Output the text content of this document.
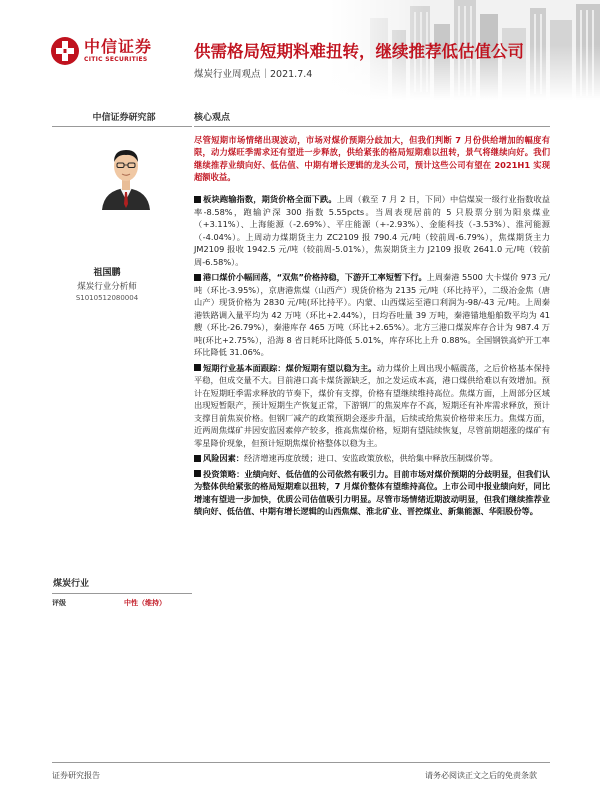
中信证券
CITIC SECURITIES	供需格局短期料难扭转，继续推荐低估值公司
煤炭行业周观点｜2021.7.4
中信证券研究部
祖国鹏
煤炭行业分析师
S1010512080004
煤炭行业
评级	中性（维持）
核心观点
尽管短期市场情绪出现波动，市场对煤价预期分歧加大，但我们判断 7 月份供给增加的幅度有限，动力煤旺季需求还有望进一步释放，供给紧张的格局短期难以扭转，景气将继续向好。我们继续推荐业绩向好、低估值、中期有增长逻辑的龙头公司，预计这些公司有望在 2021H1 实现超额收益。
板块跑输指数，期货价格全面下跌。上周（截至 7 月 2 日，下同）中信煤炭一级行业指数收益率-8.58%，跑输沪深 300 指数 5.55pcts。当周表现居前的 5 只股票分别为阳泉煤业（+3.11%）、上海能源（-2.69%）、平庄能源（+-2.93%）、金能科技（-3.53%）、淮河能源（-4.04%）。上周动力煤期货主力 ZC2109 报 790.4 元/吨（较前周-6.79%），焦煤期货主力 JM2109 报收 1942.5 元/吨（较前周-5.01%），焦炭期货主力 J2109 报收 2641.0 元/吨（较前周-6.58%）。
港口煤价小幅回落，“双焦”价格持稳，下游开工率短暂下行。上周秦港 5500 大卡煤价 973 元/吨（环比-3.95%），京唐港焦煤（山西产）现货价格为 2135 元/吨（环比持平），二级冶金焦（唐山产）现货价格为 2830 元/吨(环比持平）。内蒙、山西煤运至港口利润为-98/-43 元/吨。上周秦港铁路调入量平均为 42 万吨（环比+2.44%），日均吞吐量 39 万吨，秦港锚地船舶数平均为 41 艘（环比-26.79%），秦港库存 465 万吨（环比+2.65%）。北方三港口煤炭库存合计为 987.4 万吨(环比+2.75%），沿海 8 省日耗环比降低 5.01%，库存环比上升 0.88%。全国钢铁高炉开工率环比降低 31.06%。
短期行业基本面跟踪：煤价短期有望以稳为主。动力煤价上周出现小幅震荡，之后价格基本保持平稳，但成交量不大。目前港口高卡煤货源缺乏，加之发运成本高，港口煤供给难以有效增加。预计在短期旺季需求释放的节奏下，煤价有支撑，价格有望继续维持高位。焦煤方面，上周部分区域出现短暂限产，预计短期生产恢复正常，下游钢厂的焦炭库存不高，短期还有补库需求释放，预计支撑目前焦炭价格。但钢厂减产的政策预期会逐步升温，后续或给焦炭价格带来压力。焦煤方面，近两周焦煤矿井因安监因素停产较多，推高焦煤价格，短期有望陆续恢复，尽管前期超涨的煤矿有零星降价现象，但预计短期焦煤价格整体以稳为主。
风险因素：经济增速再度放缓；进口、安监政策放松，供给集中释放压制煤价等。
投资策略：业绩向好、低估值的公司依然有吸引力。目前市场对煤价预期的分歧明显，但我们认为整体供给紧张的格局短期难以扭转，7 月煤价整体有望维持高位。上市公司中报业绩向好，同比增速有望进一步加快，优质公司估值吸引力明显。尽管市场情绪近期波动明显，但我们继续推荐业绩向好、低估值、中期有增长逻辑的山西焦煤、淮北矿业、晋控煤业、新集能源、华阳股份等。
证券研究报告	请务必阅读正文之后的免责条款
